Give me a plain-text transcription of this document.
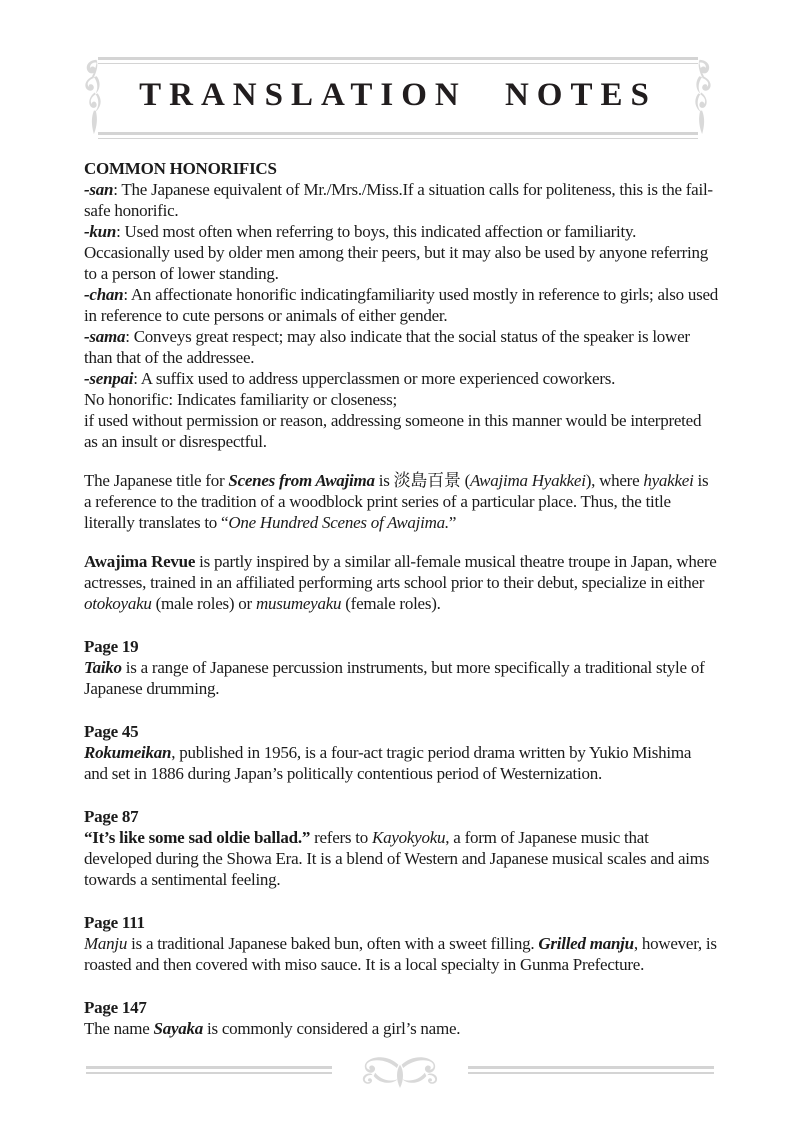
TRANSLATION NOTES

COMMON HONORIFICS

-san: The Japanese equivalent of Mr./Mrs./Miss.If a situation calls for politeness, this is the fail-safe honorific.

-kun: Used most often when referring to boys, this indicated affection or familiarity. Occasionally used by older men among their peers, but it may also be used by anyone referring to a person of lower standing.

-chan: An affectionate honorific indicatingfamiliarity used mostly in reference to girls; also used in reference to cute persons or animals of either gender.

-sama: Conveys great respect; may also indicate that the social status of the speaker is lower than that of the addressee.

-senpai: A suffix used to address upperclassmen or more experienced coworkers.

No honorific: Indicates familiarity or closeness;

if used without permission or reason, addressing someone in this manner would be interpreted as an insult or disrespectful.

The Japanese title for Scenes from Awajima is 淡島百景 (Awajima Hyakkei), where hyakkei is a reference to the tradition of a woodblock print series of a particular place. Thus, the title literally translates to “One Hundred Scenes of Awajima.”

Awajima Revue is partly inspired by a similar all-female musical theatre troupe in Japan, where actresses, trained in an affiliated performing arts school prior to their debut, specialize in either otokoyaku (male roles) or musumeyaku (female roles).

Page 19

Taiko is a range of Japanese percussion instruments, but more specifically a traditional style of Japanese drumming.

Page 45

Rokumeikan, published in 1956, is a four-act tragic period drama written by Yukio Mishima and set in 1886 during Japan’s politically contentious period of Westernization.

Page 87

“It’s like some sad oldie ballad.” refers to Kayokyoku, a form of Japanese music that developed during the Showa Era. It is a blend of Western and Japanese musical scales and aims towards a sentimental feeling.

Page 111

Manju is a traditional Japanese baked bun, often with a sweet filling. Grilled manju, however, is roasted and then covered with miso sauce. It is a local specialty in Gunma Prefecture.

Page 147

The name Sayaka is commonly considered a girl’s name.
